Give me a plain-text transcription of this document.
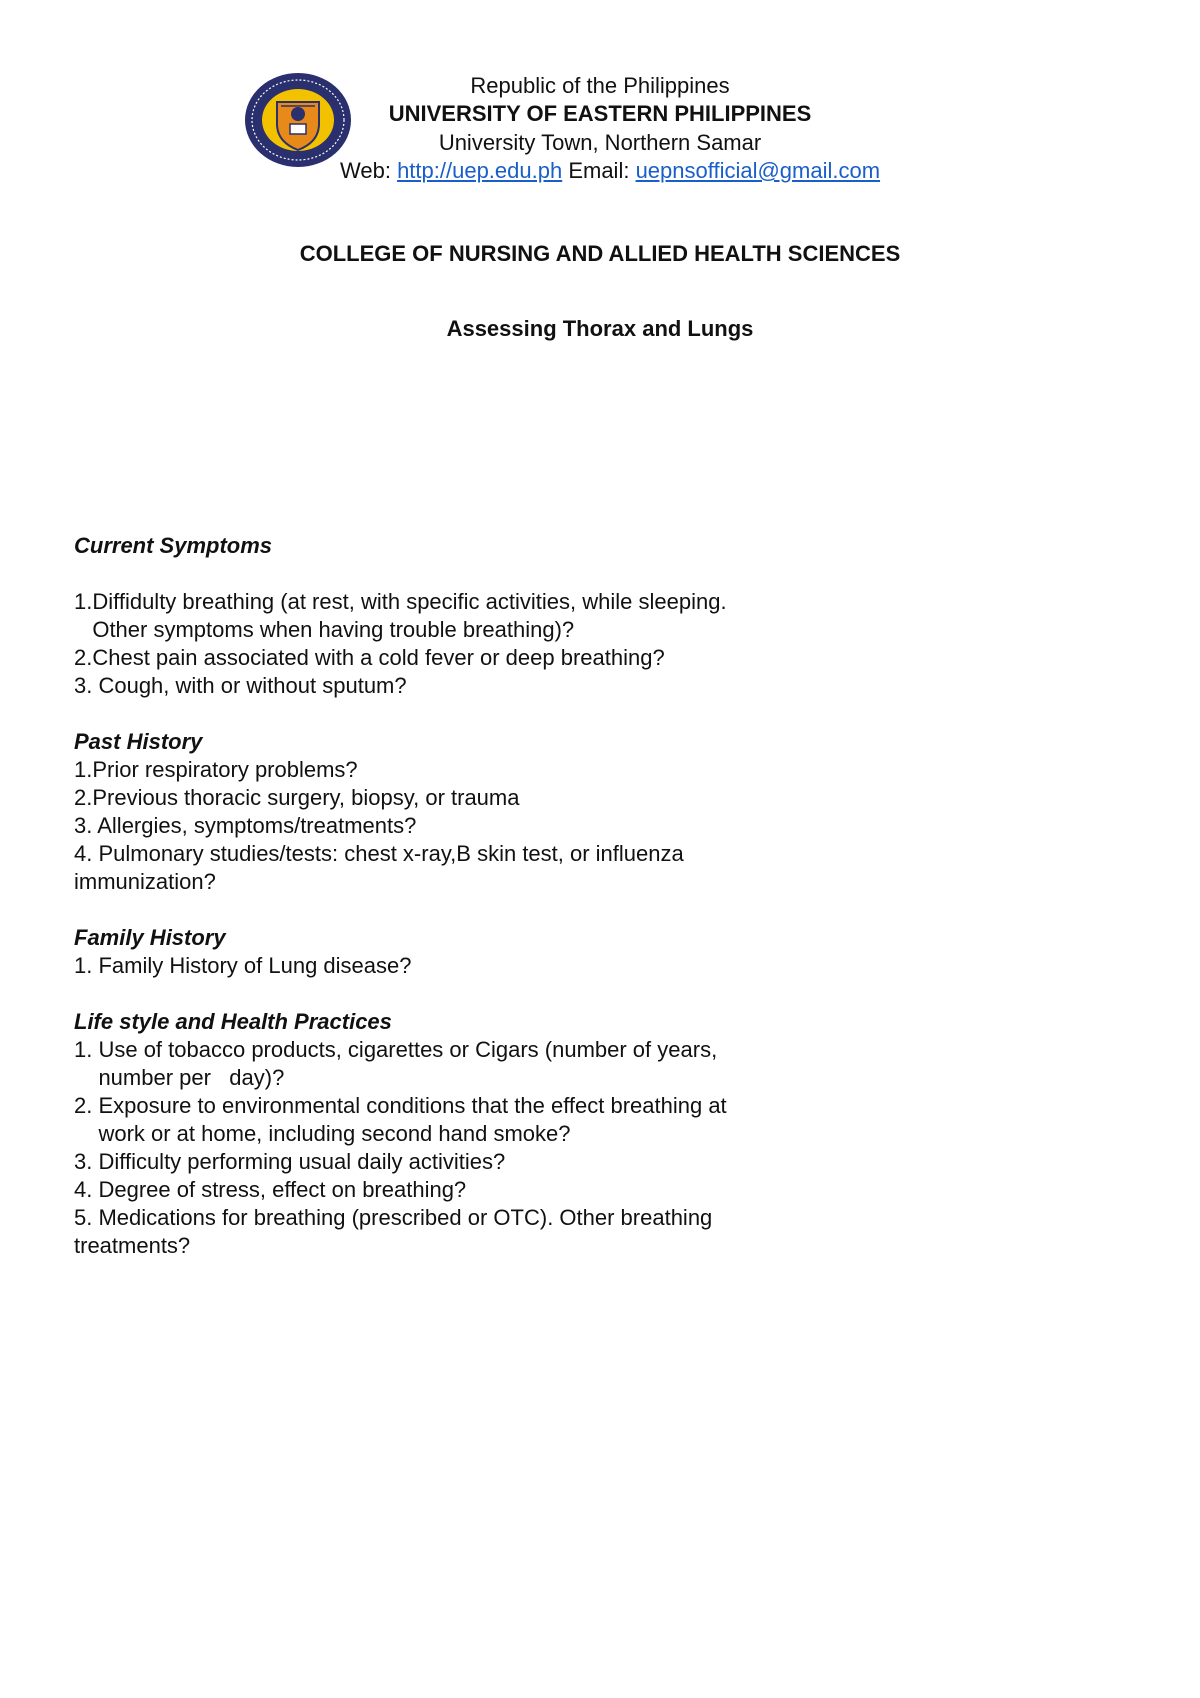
Republic of the Philippines
UNIVERSITY OF EASTERN PHILIPPINES
University Town, Northern Samar
Web: http://uep.edu.ph Email: uepnsofficial@gmail.com
COLLEGE OF NURSING AND ALLIED HEALTH SCIENCES
Assessing Thorax and Lungs
Current Symptoms
1.Diffidulty breathing (at rest, with specific activities, while sleeping.
Other symptoms when having trouble breathing)?
2.Chest pain associated with a cold fever or deep breathing?
3. Cough, with or without sputum?
Past History
1.Prior respiratory problems?
2.Previous thoracic surgery, biopsy, or trauma
3. Allergies, symptoms/treatments?
4. Pulmonary studies/tests: chest x-ray,B skin test, or influenza
immunization?
Family History
1. Family History of Lung disease?
Life style and Health Practices
1. Use of tobacco products, cigarettes or Cigars (number of years,
number per   day)?
2. Exposure to environmental conditions that the effect breathing at
work or at home, including second hand smoke?
3. Difficulty performing usual daily activities?
4. Degree of stress, effect on breathing?
5. Medications for breathing (prescribed or OTC). Other breathing
treatments?
